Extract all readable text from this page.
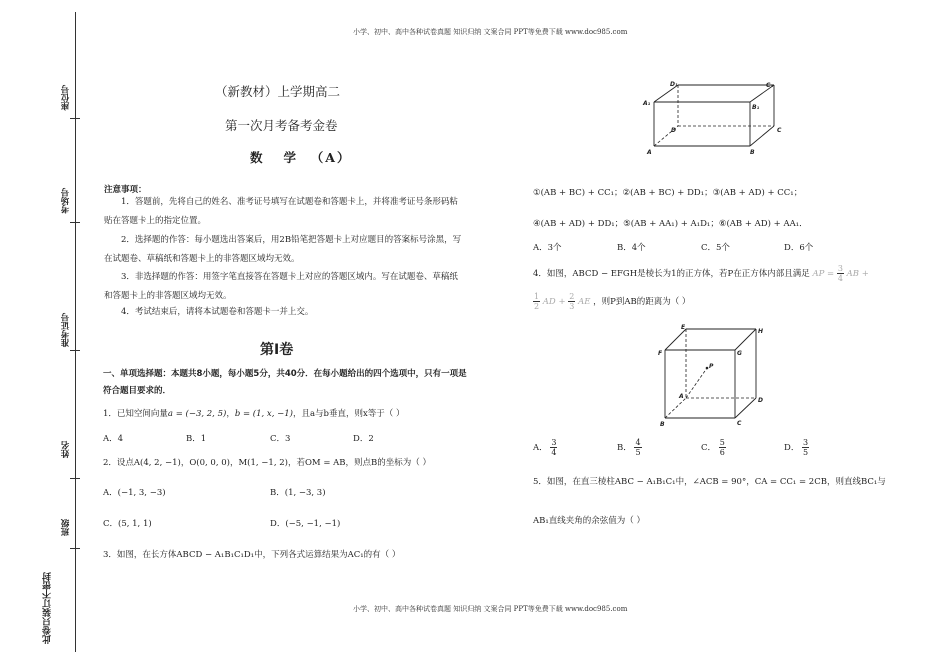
小学、初中、高中各种试卷真题 知识归纳 文案合同 PPT等免费下载 www.doc985.com
小学、初中、高中各种试卷真题 知识归纳 文案合同 PPT等免费下载 www.doc985.com
座位号
考场号
准考证号
姓名
班级
此卷只装订不密封
（新教材）上学期高二
第一次月考备考金卷
数   学  （A）
注意事项：
1．答题前，先将自己的姓名、准考证号填写在试题卷和答题卡上，并将准考证号条形码粘贴在答题卡上的指定位置。
2．选择题的作答：每小题选出答案后，用2B铅笔把答题卡上对应题目的答案标号涂黑，写在试题卷、草稿纸和答题卡上的非答题区域均无效。
3．非选择题的作答：用签字笔直接答在答题卡上对应的答题区域内。写在试题卷、草稿纸和答题卡上的非答题区域均无效。
4．考试结束后，请将本试题卷和答题卡一并上交。
第Ⅰ卷
一、单项选择题：本题共8小题，每小题5分，共40分．在每小题给出的四个选项中，只有一项是符合题目要求的．
1．已知空间向量a = (−3, 2, 5)，b = (1, x, −1)，且a与b垂直，则x等于（ ）
A．4	B．1	C．3	D．2
2．设点A(4, 2, −1)，O(0, 0, 0)，M(1, −1, 2)，若OM = AB，则点B的坐标为（ ）
A．(−1, 3, −3)	B．(1, −3, 3)
C．(5, 1, 1)	D．(−5, −1, −1)
3．如图，在长方体ABCD − A₁B₁C₁D₁中，下列各式运算结果为AC₁的有（ ）
A	B
C
D
A₁
B₁
C₁
D₁
①(AB + BC) + CC₁；②(AB + BC) + DD₁；③(AB + AD) + CC₁；
④(AB + AD) + DD₁；⑤(AB + AA₁) + A₁D₁；⑥(AB + AD) + AA₁．
A．3个	B．4个	C．5个	D．6个
4．如图，ABCD − EFGH是棱长为1的正方体，若P在正方体内部且满足 AP = $\frac{3}{4}$ AB +
$\frac{1}{2}$ AD + $\frac{2}{3}$ AE ，则P到AB的距离为（ ）
P
B	C
D
A
F	G
E
H
A． $\frac{3}{4}$	B． $\frac{4}{5}$	C． $\frac{5}{6}$	D． $\frac{3}{5}$
5．如图，在直三棱柱ABC − A₁B₁C₁中，∠ACB = 90°，CA = CC₁ = 2CB，则直线BC₁与
AB₁直线夹角的余弦值为（ ）
